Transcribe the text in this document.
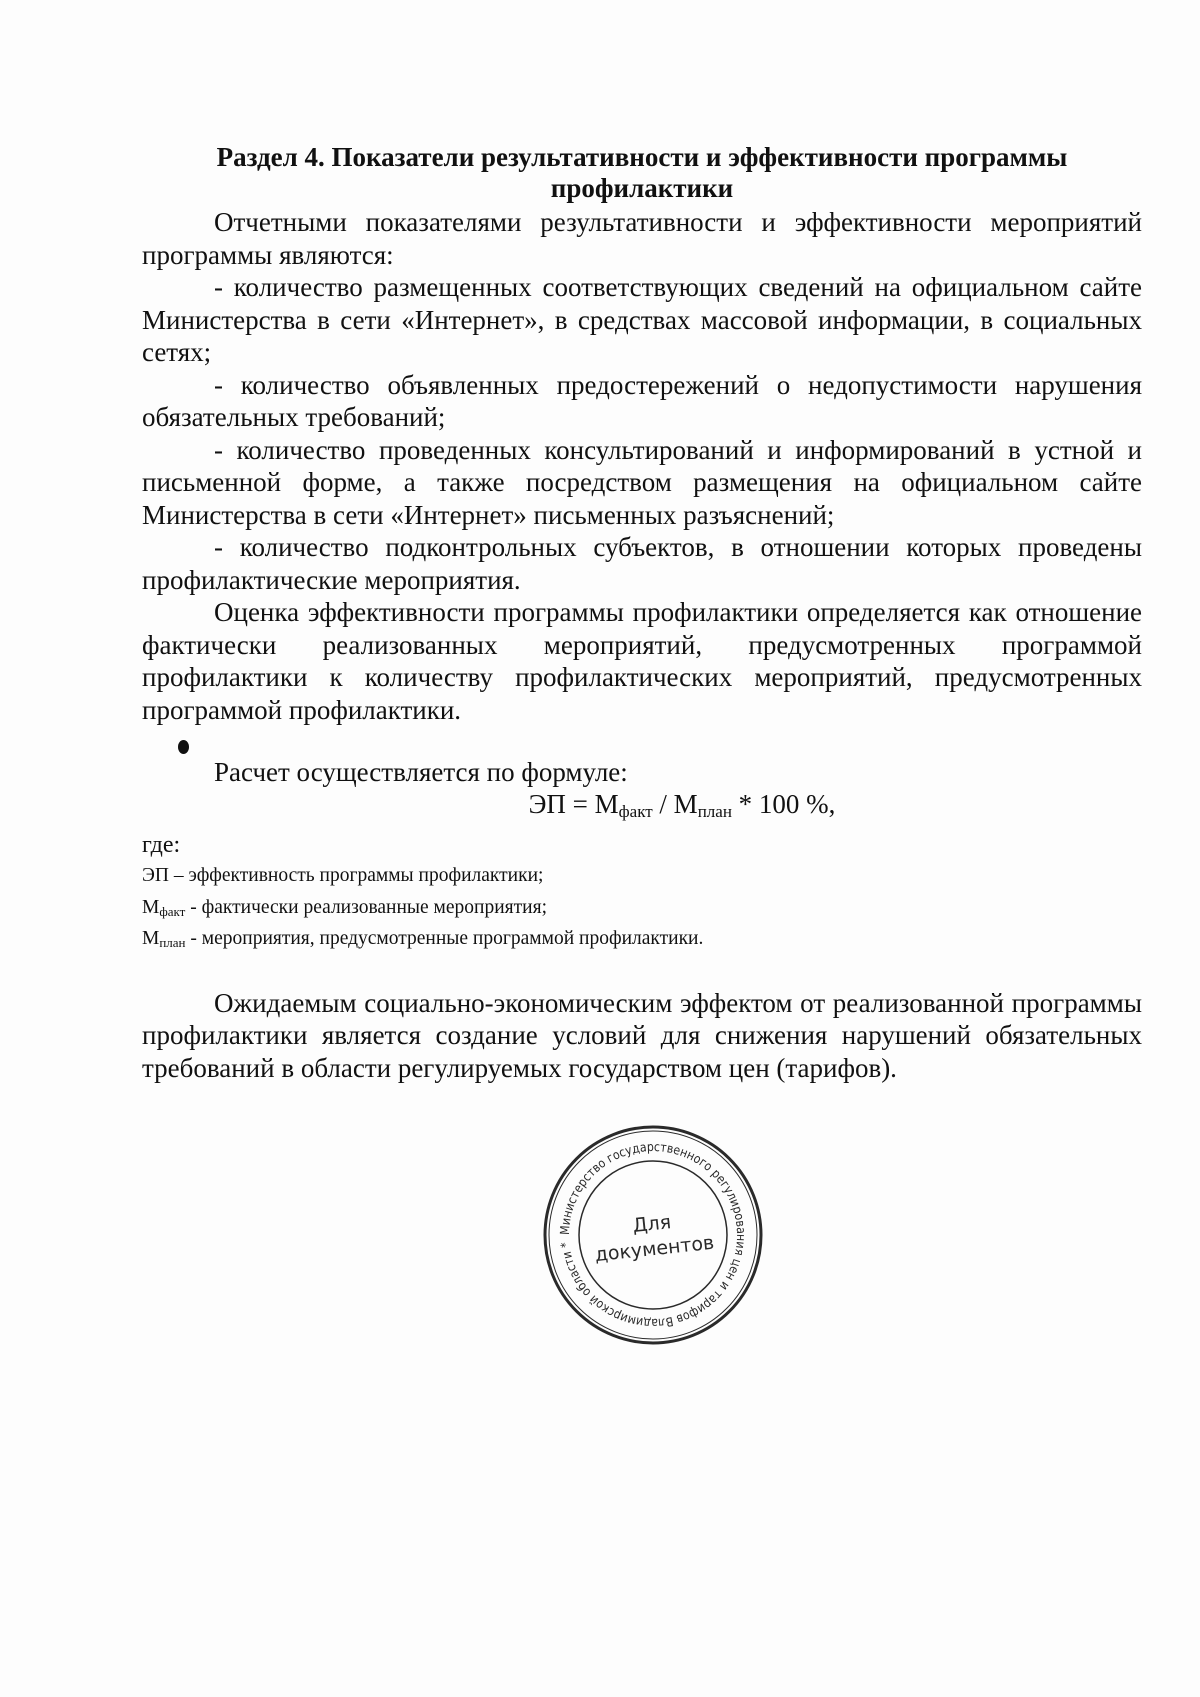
Раздел 4. Показатели результативности и эффективности программы
профилактики

Отчетными показателями результативности и эффективности мероприятий программы являются:

- количество размещенных соответствующих сведений на официальном сайте Министерства в сети «Интернет», в средствах массовой информации, в социальных сетях;

- количество объявленных предостережений о недопустимости нарушения обязательных требований;

- количество проведенных консультирований и информирований в устной и письменной форме, а также посредством размещения на официальном сайте Министерства в сети «Интернет» письменных разъяснений;

- количество подконтрольных субъектов, в отношении которых проведены профилактические мероприятия.

Оценка эффективности программы профилактики определяется как отношение фактически реализованных мероприятий, предусмотренных программой профилактики к количеству профилактических мероприятий, предусмотренных программой профилактики.

Расчет осуществляется по формуле:

ЭП = $М_{факт} / М_{план} * 100$ %,

где:

ЭП – эффективность программы профилактики;

$М_{факт}$ - фактически реализованные мероприятия;

$М_{план}$ - мероприятия, предусмотренные программой профилактики.

Ожидаемым социально-экономическим эффектом от реализованной программы профилактики является создание условий для снижения нарушений обязательных требований в области регулируемых государством цен (тарифов).

Министерство государственного регулирования цен и тарифов Владимирской области *
Для
документов
